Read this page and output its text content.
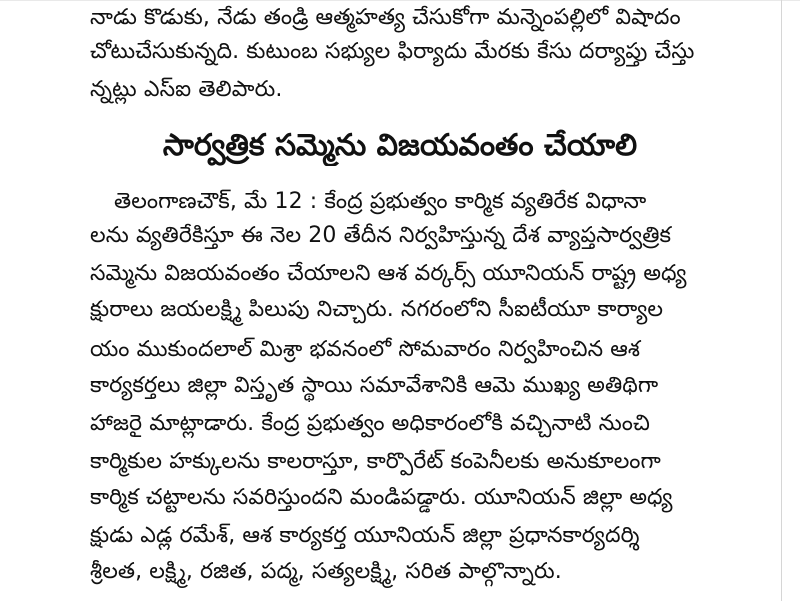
నాడు కొడుకు, నేడు తండ్రి ఆత్మహత్య చేసుకోగా మన్నెంపల్లిలో విషాదం
చోటుచేసుకున్నది. కుటుంబ సభ్యుల ఫిర్యాదు మేరకు కేసు దర్యాప్తు చేస్తు
న్నట్లు ఎస్ఐ తెలిపారు.
సార్వత్రిక సమ్మెను విజయవంతం చేయాలి
తెలంగాణచౌక్, మే 12 : కేంద్ర ప్రభుత్వం కార్మిక వ్యతిరేక విధానా
లను వ్యతిరేకిస్తూ ఈ నెల 20 తేదీన నిర్వహిస్తున్న దేశ వ్యాప్తసార్వత్రిక
సమ్మెను విజయవంతం చేయాలని ఆశ వర్కర్స్ యూనియన్ రాష్ట్ర అధ్య
క్షురాలు జయలక్ష్మి పిలుపు నిచ్చారు. నగరంలోని సీఐటీయూ కార్యాల
యం ముకుందలాల్ మిశ్రా భవనంలో సోమవారం నిర్వహించిన ఆశ
కార్యకర్తలు జిల్లా విస్తృత స్థాయి సమావేశానికి ఆమె ముఖ్య అతిథిగా
హాజరై మాట్లాడారు. కేంద్ర ప్రభుత్వం అధికారంలోకి వచ్చినాటి నుంచి
కార్మికుల హక్కులను కాలరాస్తూ, కార్పొరేట్ కంపెనీలకు అనుకూలంగా
కార్మిక చట్టాలను సవరిస్తుందని మండిపడ్డారు. యూనియన్ జిల్లా అధ్య
క్షుడు ఎడ్ల రమేశ్, ఆశ కార్యకర్త యూనియన్ జిల్లా ప్రధానకార్యదర్శి
శ్రీలత, లక్ష్మి, రజిత, పద్మ, సత్యలక్ష్మి, సరిత పాల్గొన్నారు.
